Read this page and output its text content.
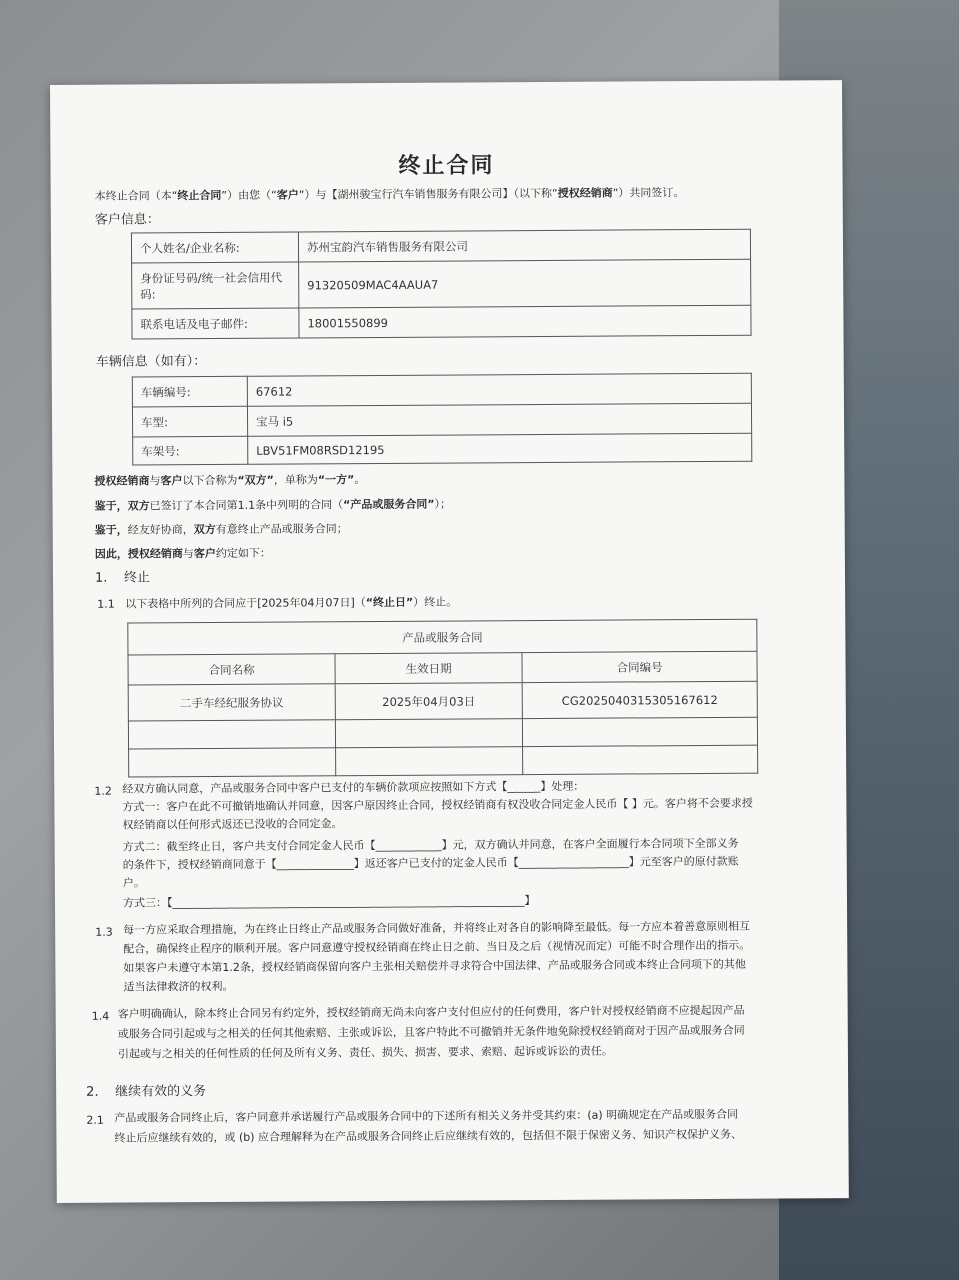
终止合同
本终止合同（本“终止合同”）由您（“客户”）与【湖州骏宝行汽车销售服务有限公司】（以下称“授权经销商”）共同签订。
客户信息：
个人姓名/企业名称:	苏州宝韵汽车销售服务有限公司
身份证号码/统一社会信用代码:	91320509MAC4AAUA7
联系电话及电子邮件:	18001550899
车辆信息（如有）：
车辆编号:	67612
车型:	宝马 i5
车架号:	LBV51FM08RSD12195
授权经销商与客户以下合称为“双方”，单称为“一方”。
鉴于，双方已签订了本合同第1.1条中列明的合同（“产品或服务合同”）；
鉴于，经友好协商，双方有意终止产品或服务合同；
因此，授权经销商与客户约定如下：
1. 终止
1.1 以下表格中所列的合同应于[2025年04月07日]（“终止日”）终止。
产品或服务合同		
合同名称	生效日期	合同编号
二手车经纪服务协议	2025年04月03日	CG2025040315305167612

1.2 经双方确认同意，产品或服务合同中客户已支付的车辆价款项应按照如下方式【______】处理：
方式一：客户在此不可撤销地确认并同意，因客户原因终止合同，授权经销商有权没收合同定金人民币【 】元。客户将不会要求授
权经销商以任何形式返还已没收的合同定金。
方式二：截至终止日，客户共支付合同定金人民币【____________】元，双方确认并同意，在客户全面履行本合同项下全部义务
的条件下，授权经销商同意于【______________】返还客户已支付的定金人民币【____________________】元至客户的原付款账
户。
方式三：【________________________________________________________________】
1.3 每一方应采取合理措施，为在终止日终止产品或服务合同做好准备，并将终止对各自的影响降至最低。每一方应本着善意原则相互
配合，确保终止程序的顺利开展。客户同意遵守授权经销商在终止日之前、当日及之后（视情况而定）可能不时合理作出的指示。
如果客户未遵守本第1.2条，授权经销商保留向客户主张相关赔偿并寻求符合中国法律、产品或服务合同或本终止合同项下的其他
适当法律救济的权利。
1.4 客户明确确认，除本终止合同另有约定外，授权经销商无尚未向客户支付但应付的任何费用，客户针对授权经销商不应提起因产品
或服务合同引起或与之相关的任何其他索赔、主张或诉讼，且客户特此不可撤销并无条件地免除授权经销商对于因产品或服务合同
引起或与之相关的任何性质的任何及所有义务、责任、损失、损害、要求、索赔、起诉或诉讼的责任。
2. 继续有效的义务
2.1 产品或服务合同终止后，客户同意并承诺履行产品或服务合同中的下述所有相关义务并受其约束：(a) 明确规定在产品或服务合同
终止后应继续有效的，或 (b) 应合理解释为在产品或服务合同终止后应继续有效的，包括但不限于保密义务、知识产权保护义务、
